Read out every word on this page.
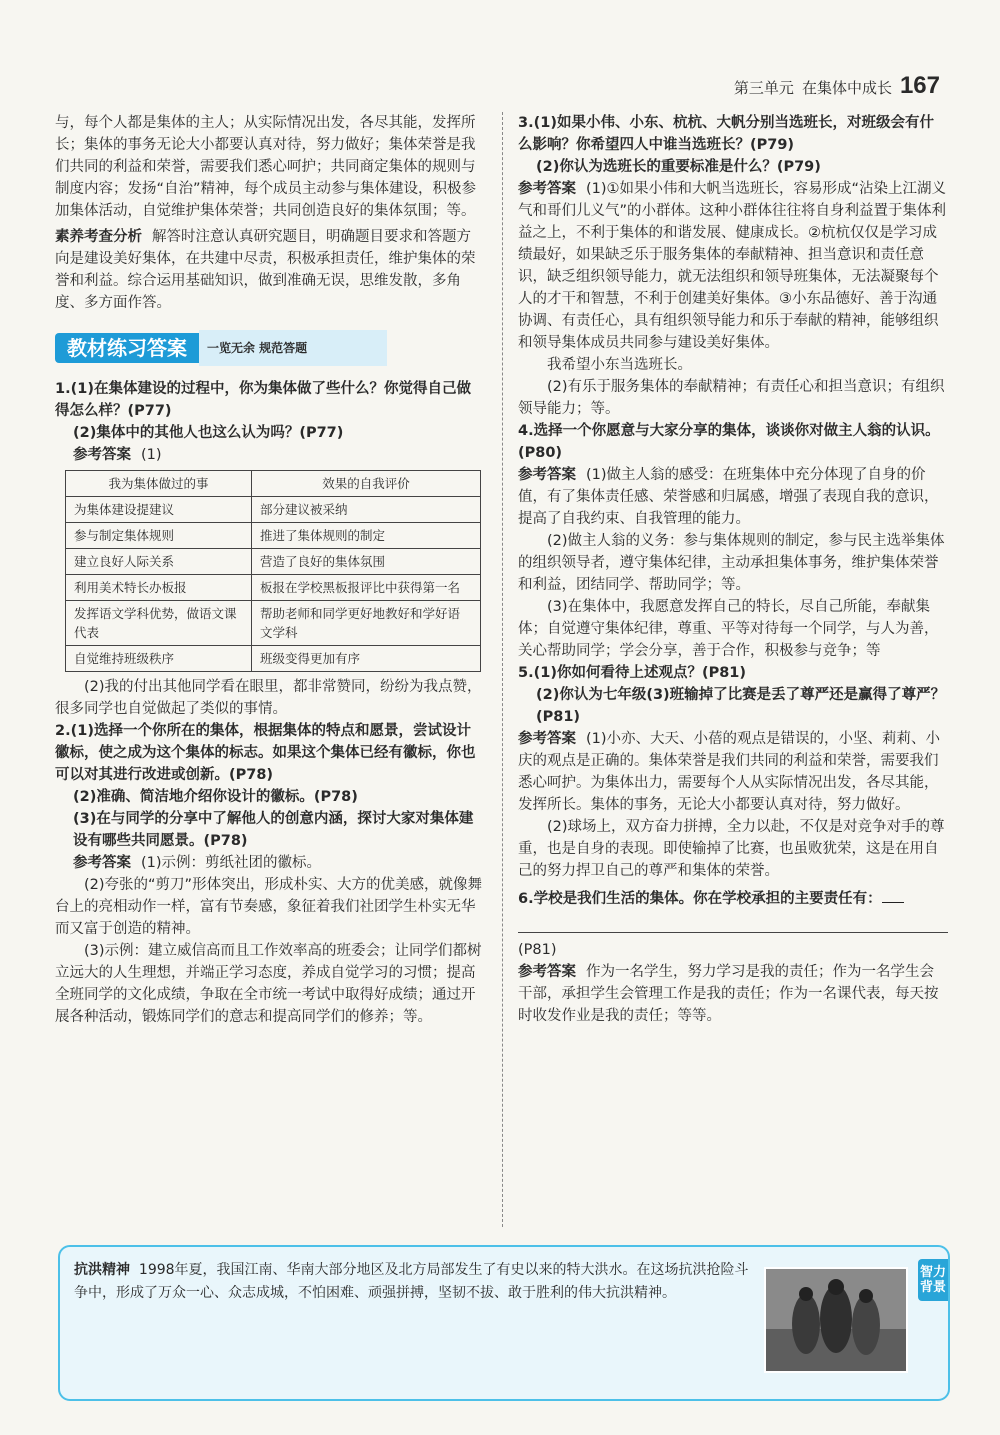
第三单元 在集体中成长 167

与，每个人都是集体的主人；从实际情况出发，各尽其能，发挥所长；集体的事务无论大小都要认真对待，努力做好；集体荣誉是我们共同的利益和荣誉，需要我们悉心呵护；共同商定集体的规则与制度内容；发扬“自治”精神，每个成员主动参与集体建设，积极参加集体活动，自觉维护集体荣誉；共同创造良好的集体氛围；等。

素养考查分析 解答时注意认真研究题目，明确题目要求和答题方向是建设美好集体，在共建中尽责，积极承担责任，维护集体的荣誉和利益。综合运用基础知识，做到准确无误，思维发散，多角度、多方面作答。

教材练习答案	一览无余 规范答题

1.(1)在集体建设的过程中，你为集体做了些什么？你觉得自己做得怎么样？(P77)

(2)集体中的其他人也这么认为吗？(P77)

参考答案 (1)

我为集体做过的事	效果的自我评价
为集体建设提建议	部分建议被采纳
参与制定集体规则	推进了集体规则的制定
建立良好人际关系	营造了良好的集体氛围
利用美术特长办板报	板报在学校黑板报评比中获得第一名
发挥语文学科优势，做语文课代表	帮助老师和同学更好地教好和学好语文学科
自觉维持班级秩序	班级变得更加有序

(2)我的付出其他同学看在眼里，都非常赞同，纷纷为我点赞，很多同学也自觉做起了类似的事情。

2.(1)选择一个你所在的集体，根据集体的特点和愿景，尝试设计徽标，使之成为这个集体的标志。如果这个集体已经有徽标，你也可以对其进行改进或创新。(P78)

(2)准确、简洁地介绍你设计的徽标。(P78)

(3)在与同学的分享中了解他人的创意内涵，探讨大家对集体建设有哪些共同愿景。(P78)

参考答案 (1)示例：剪纸社团的徽标。

(2)夸张的“剪刀”形体突出，形成朴实、大方的优美感，就像舞台上的亮相动作一样，富有节奏感，象征着我们社团学生朴实无华而又富于创造的精神。

(3)示例：建立威信高而且工作效率高的班委会；让同学们都树立远大的人生理想，并端正学习态度，养成自觉学习的习惯；提高全班同学的文化成绩，争取在全市统一考试中取得好成绩；通过开展各种活动，锻炼同学们的意志和提高同学们的修养；等。

3.(1)如果小伟、小东、杭杭、大帆分别当选班长，对班级会有什么影响？你希望四人中谁当选班长？(P79)

(2)你认为选班长的重要标准是什么？(P79)

参考答案 (1)①如果小伟和大帆当选班长，容易形成“沾染上江湖义气和哥们儿义气”的小群体。这种小群体往往将自身利益置于集体利益之上，不利于集体的和谐发展、健康成长。②杭杭仅仅是学习成绩最好，如果缺乏乐于服务集体的奉献精神、担当意识和责任意识，缺乏组织领导能力，就无法组织和领导班集体，无法凝聚每个人的才干和智慧，不利于创建美好集体。③小东品德好、善于沟通协调、有责任心，具有组织领导能力和乐于奉献的精神，能够组织和领导集体成员共同参与建设美好集体。

我希望小东当选班长。

(2)有乐于服务集体的奉献精神；有责任心和担当意识；有组织领导能力；等。

4.选择一个你愿意与大家分享的集体，谈谈你对做主人翁的认识。(P80)

参考答案 (1)做主人翁的感受：在班集体中充分体现了自身的价值，有了集体责任感、荣誉感和归属感，增强了表现自我的意识，提高了自我约束、自我管理的能力。

(2)做主人翁的义务：参与集体规则的制定，参与民主选举集体的组织领导者，遵守集体纪律，主动承担集体事务，维护集体荣誉和利益，团结同学、帮助同学；等。

(3)在集体中，我愿意发挥自己的特长，尽自己所能，奉献集体；自觉遵守集体纪律，尊重、平等对待每一个同学，与人为善，关心帮助同学；学会分享，善于合作，积极参与竞争；等

5.(1)你如何看待上述观点？(P81)

(2)你认为七年级(3)班输掉了比赛是丢了尊严还是赢得了尊严？(P81)

参考答案 (1)小亦、大天、小蓓的观点是错误的，小坚、莉莉、小庆的观点是正确的。集体荣誉是我们共同的利益和荣誉，需要我们悉心呵护。为集体出力，需要每个人从实际情况出发，各尽其能，发挥所长。集体的事务，无论大小都要认真对待，努力做好。

(2)球场上，双方奋力拼搏，全力以赴，不仅是对竞争对手的尊重，也是自身的表现。即使输掉了比赛，也虽败犹荣，这是在用自己的努力捍卫自己的尊严和集体的荣誉。

6.学校是我们生活的集体。你在学校承担的主要责任有：

(P81)

参考答案 作为一名学生，努力学习是我的责任；作为一名学生会干部，承担学生会管理工作是我的责任；作为一名课代表，每天按时收发作业是我的责任；等等。

抗洪精神 1998年夏，我国江南、华南大部分地区及北方局部发生了有史以来的特大洪水。在这场抗洪抢险斗争中，形成了万众一心、众志成城，不怕困难、顽强拼搏，坚韧不拔、敢于胜利的伟大抗洪精神。
智力背景
